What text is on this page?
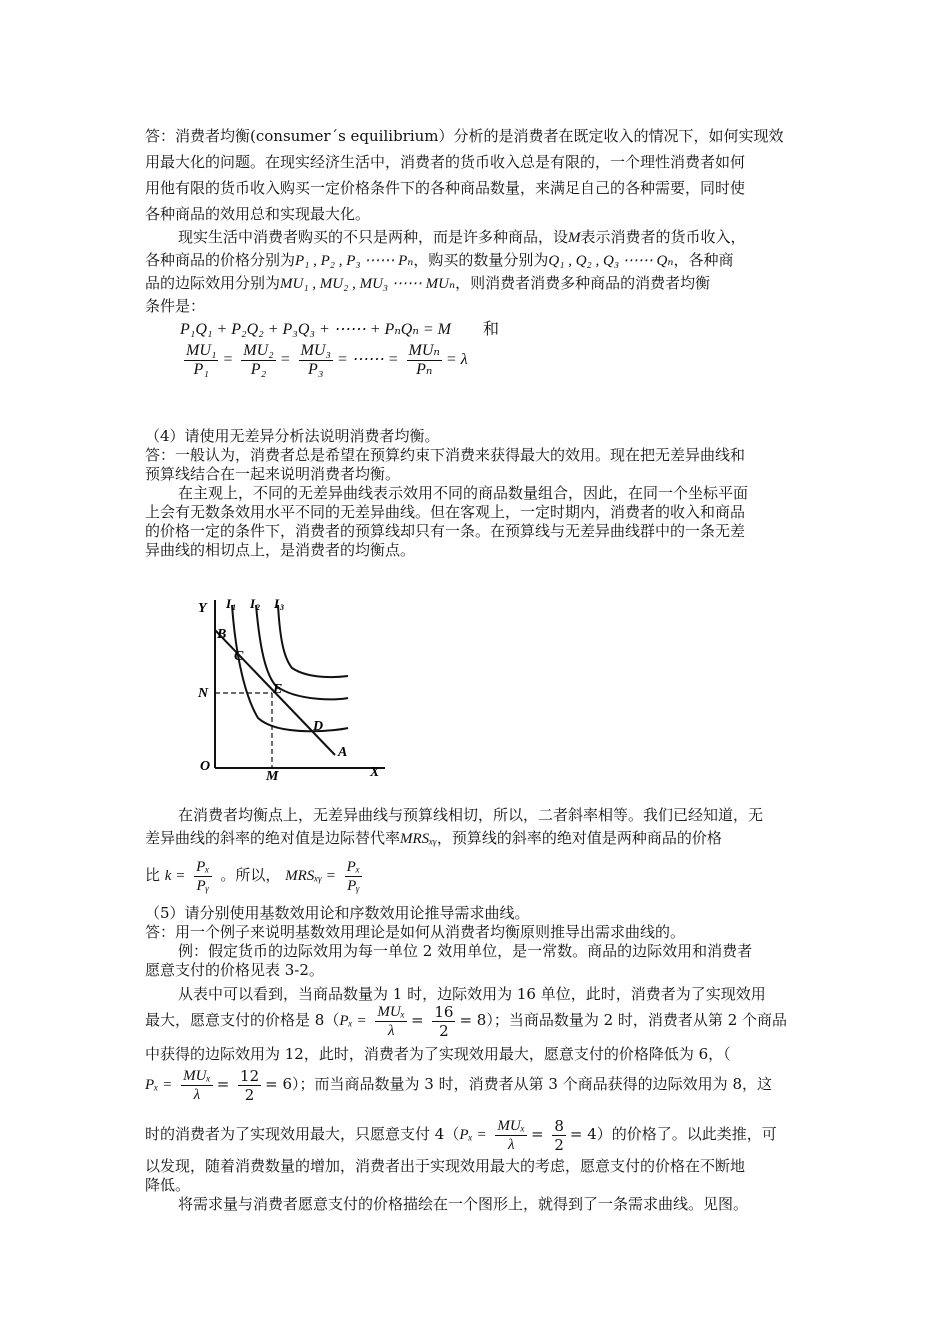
答：消费者均衡(consumer´s equilibrium）分析的是消费者在既定收入的情况下，如何实现效
用最大化的问题。在现实经济生活中，消费者的货币收入总是有限的，一个理性消费者如何
用他有限的货币收入购买一定价格条件下的各种商品数量，来满足自己的各种需要，同时使
各种商品的效用总和实现最大化。
现实生活中消费者购买的不只是两种，而是许多种商品，设M表示消费者的货币收入，
各种商品的价格分别为P₁ , P₂ , P₃ ⋯⋯ Pₙ，购买的数量分别为Q₁ , Q₂ , Q₃ ⋯⋯ Qₙ，各种商
品的边际效用分别为MU₁ , MU₂ , MU₃ ⋯⋯ MUₙ，则消费者消费多种商品的消费者均衡
条件是：
P₁Q₁ + P₂Q₂ + P₃Q₃ + ⋯⋯ + PₙQₙ = M 和
$\frac{\text{MU₁}}{\text{P₁}} = \frac{\text{MU₂}}{\text{P₂}} = \frac{\text{MU₃}}{\text{P₃}}$ = ⋯⋯ = $\frac{\text{MUₙ}}{\text{Pₙ}} = \lambda$
（4）请使用无差异分析法说明消费者均衡。
答：一般认为，消费者总是希望在预算约束下消费来获得最大的效用。现在把无差异曲线和
预算线结合在一起来说明消费者均衡。
在主观上，不同的无差异曲线表示效用不同的商品数量组合，因此，在同一个坐标平面
上会有无数条效用水平不同的无差异曲线。但在客观上，一定时期内，消费者的收入和商品
的价格一定的条件下，消费者的预算线却只有一条。在预算线与无差异曲线群中的一条无差
异曲线的相切点上，是消费者的均衡点。
Y
X
O
N
M
B
C
E
D
A
I 1 I 2 I 3
在消费者均衡点上，无差异曲线与预算线相切，所以，二者斜率相等。我们已经知道，无
差异曲线的斜率的绝对值是边际替代率MRSₓᵧ，预算线的斜率的绝对值是两种商品的价格
比 $k = \frac{\text{Pₓ}}{\text{Pᵧ}}$ 。所以， MRSₓᵧ = $\frac{\text{Pₓ}}{\text{Pᵧ}}$
（5）请分别使用基数效用论和序数效用论推导需求曲线。
答：用一个例子来说明基数效用理论是如何从消费者均衡原则推导出需求曲线的。
例：假定货币的边际效用为每一单位 2 效用单位，是一常数。商品的边际效用和消费者
愿意支付的价格见表 3-2。
从表中可以看到，当商品数量为 1 时，边际效用为 16 单位，此时，消费者为了实现效用
最大，愿意支付的价格是 $8(P_x = \frac{\text{MUₓ}}{\lambda} = \frac{16}{2} = 8)$；当商品数量为 2 时，消费者从第 2 个商品
中获得的边际效用为 12，此时，消费者为了实现效用最大，愿意支付的价格降低为 6，（
$P_x = \frac{\text{MUₓ}}{\lambda} = \frac{12}{2} = 6$）；而当商品数量为 3 时，消费者从第 3 个商品获得的边际效用为 8，这
时的消费者为了实现效用最大，只愿意支付 $4(P_x = \frac{\text{MUₓ}}{\lambda} = \frac{8}{2} = 4)$的价格了。以此类推，可
以发现，随着消费数量的增加，消费者出于实现效用最大的考虑，愿意支付的价格在不断地
降低。
将需求量与消费者愿意支付的价格描绘在一个图形上，就得到了一条需求曲线。见图。
